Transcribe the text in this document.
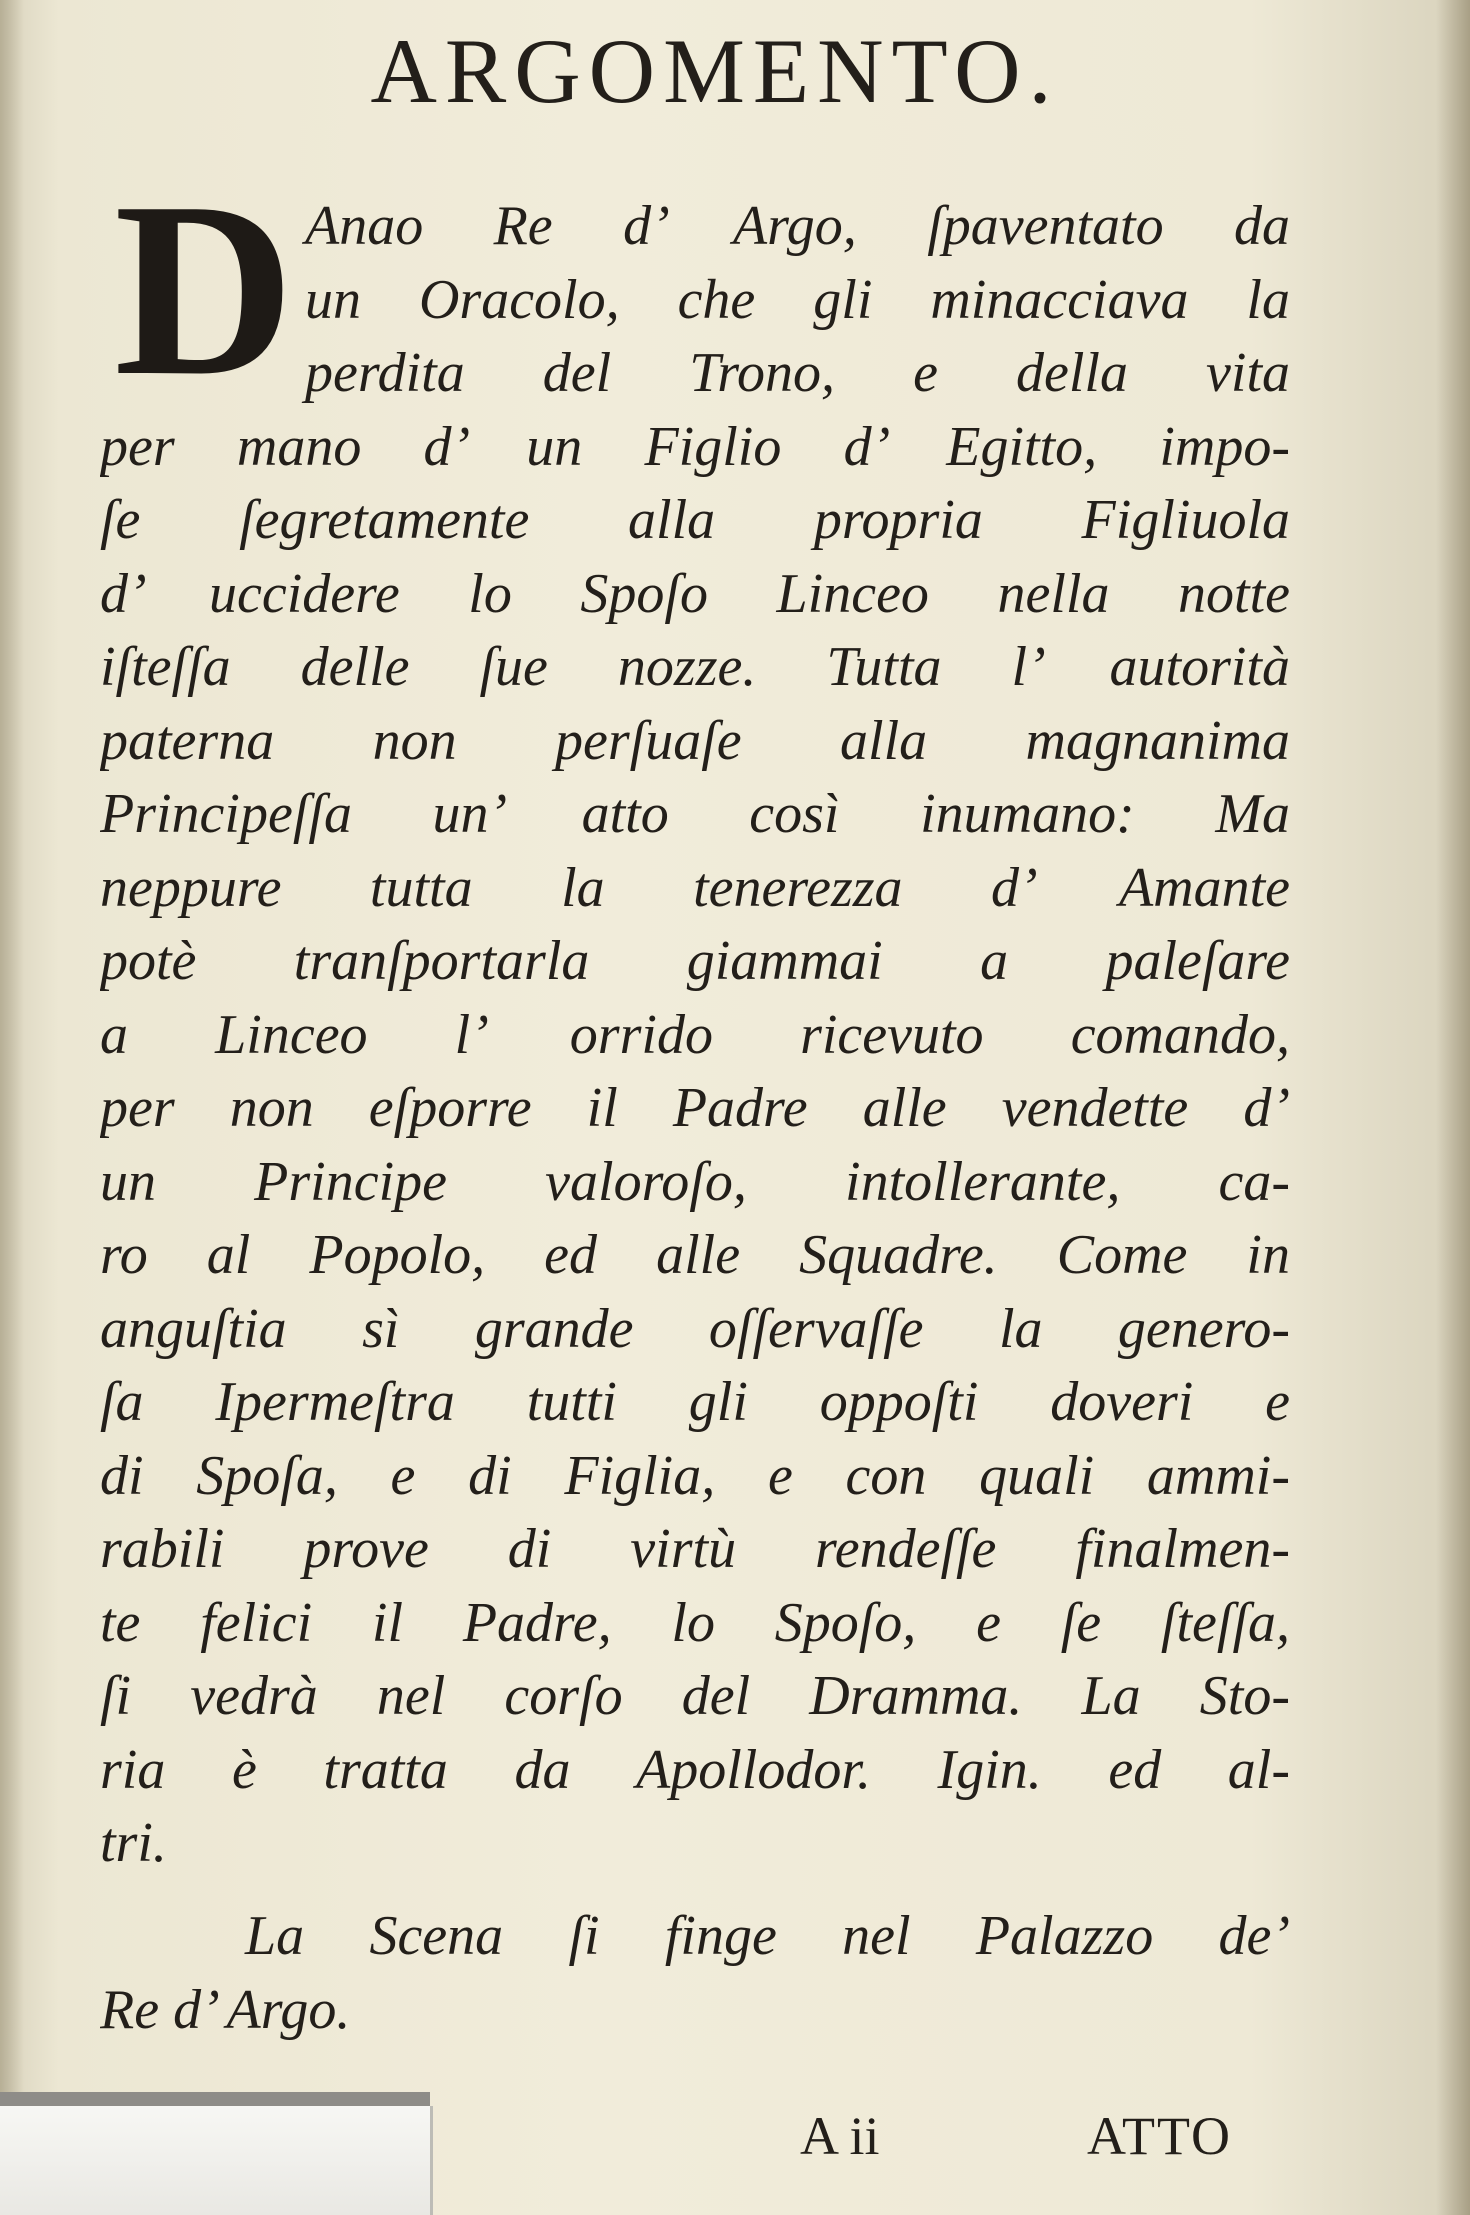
ARGOMENTO.
D Anao Re d’ Argo, ſpaventato da
un Oracolo, che gli minacciava la
perdita del Trono, e della vita
per mano d’ un Figlio d’ Egitto, impo-
ſe ſegretamente alla propria Figliuola
d’ uccidere lo Spoſo Linceo nella notte
iſteſſa delle ſue nozze. Tutta l’ autorità
paterna non perſuaſe alla magnanima
Principeſſa un’ atto così inumano: Ma
neppure tutta la tenerezza d’ Amante
potè tranſportarla giammai a paleſare
a Linceo l’ orrido ricevuto comando,
per non eſporre il Padre alle vendette d’
un Principe valoroſo, intollerante, ca-
ro al Popolo, ed alle Squadre. Come in
anguſtia sì grande oſſervaſſe la genero-
ſa Ipermeſtra tutti gli oppoſti doveri e
di Spoſa, e di Figlia, e con quali ammi-
rabili prove di virtù rendeſſe finalmen-
te felici il Padre, lo Spoſo, e ſe ſteſſa,
ſi vedrà nel corſo del Dramma. La Sto-
ria è tratta da Apollodor. Igin. ed al-
tri.
La Scena ſi finge nel Palazzo de’
Re d’ Argo.
A ii	ATTO
